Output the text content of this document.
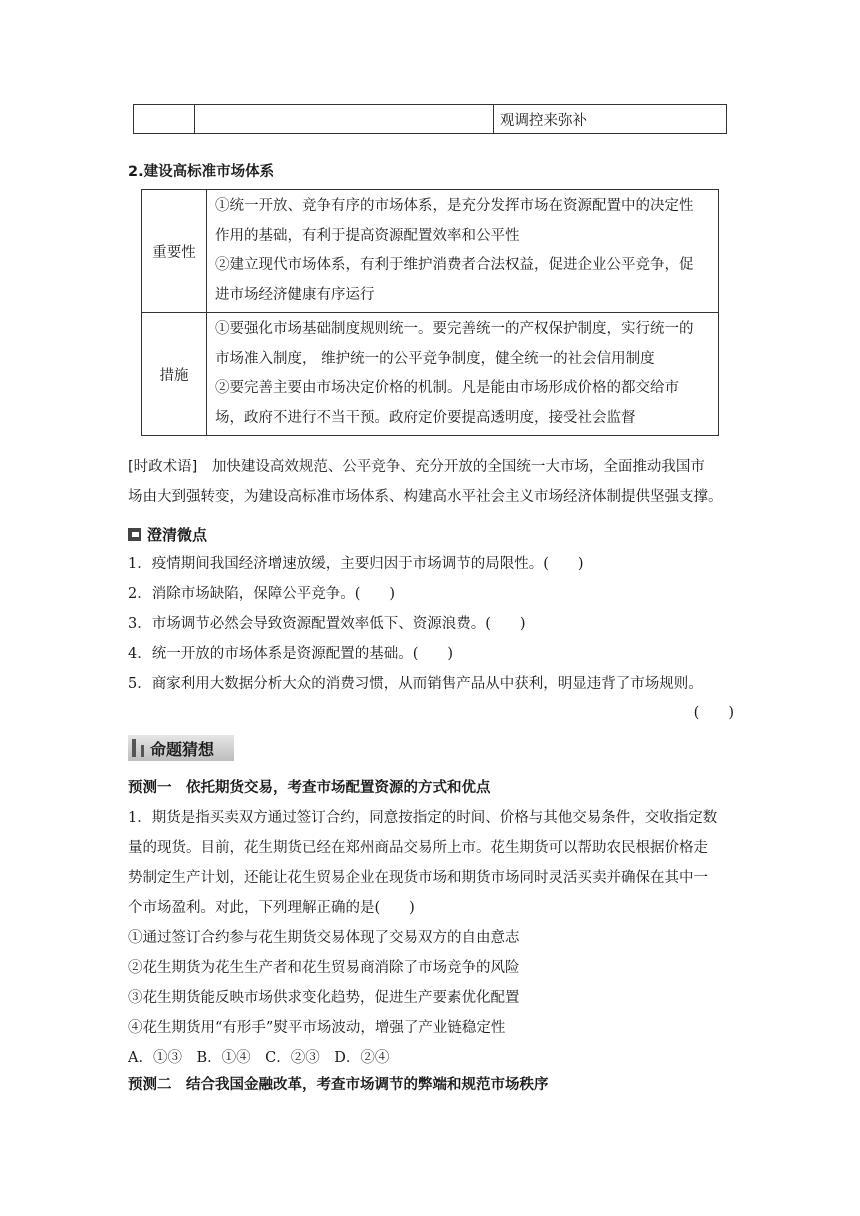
		观调控来弥补
2.建设高标准市场体系
重要性	①统一开放、竞争有序的市场体系，是充分发挥市场在资源配置中的决定性
作用的基础，有利于提高资源配置效率和公平性
②建立现代市场体系，有利于维护消费者合法权益，促进企业公平竞争，促
进市场经济健康有序运行

措施	①要强化市场基础制度规则统一。要完善统一的产权保护制度，实行统一的
市场准入制度， 维护统一的公平竞争制度，健全统一的社会信用制度
②要完善主要由市场决定价格的机制。凡是能由市场形成价格的都交给市
场，政府不进行不当干预。政府定价要提高透明度，接受社会监督
[时政术语] 加快建设高效规范、公平竞争、充分开放的全国统一大市场，全面推动我国市
场由大到强转变，为建设高标准市场体系、构建高水平社会主义市场经济体制提供坚强支撑。
澄清微点
1．疫情期间我国经济增速放缓，主要归因于市场调节的局限性。(　　)
2．消除市场缺陷，保障公平竞争。(　　)
3．市场调节必然会导致资源配置效率低下、资源浪费。(　　)
4．统一开放的市场体系是资源配置的基础。(　　)
5．商家利用大数据分析大众的消费习惯，从而销售产品从中获利，明显违背了市场规则。
(　　)
命题猜想
预测一　依托期货交易，考查市场配置资源的方式和优点
1．期货是指买卖双方通过签订合约，同意按指定的时间、价格与其他交易条件，交收指定数
量的现货。目前，花生期货已经在郑州商品交易所上市。花生期货可以帮助农民根据价格走
势制定生产计划，还能让花生贸易企业在现货市场和期货市场同时灵活买卖并确保在其中一
个市场盈利。对此，下列理解正确的是(　　)
①通过签订合约参与花生期货交易体现了交易双方的自由意志
②花生期货为花生生产者和花生贸易商消除了市场竞争的风险
③花生期货能反映市场供求变化趋势，促进生产要素优化配置
④花生期货用“有形手”熨平市场波动，增强了产业链稳定性
A．①③　B．①④　C．②③　D．②④
预测二　结合我国金融改革，考查市场调节的弊端和规范市场秩序
